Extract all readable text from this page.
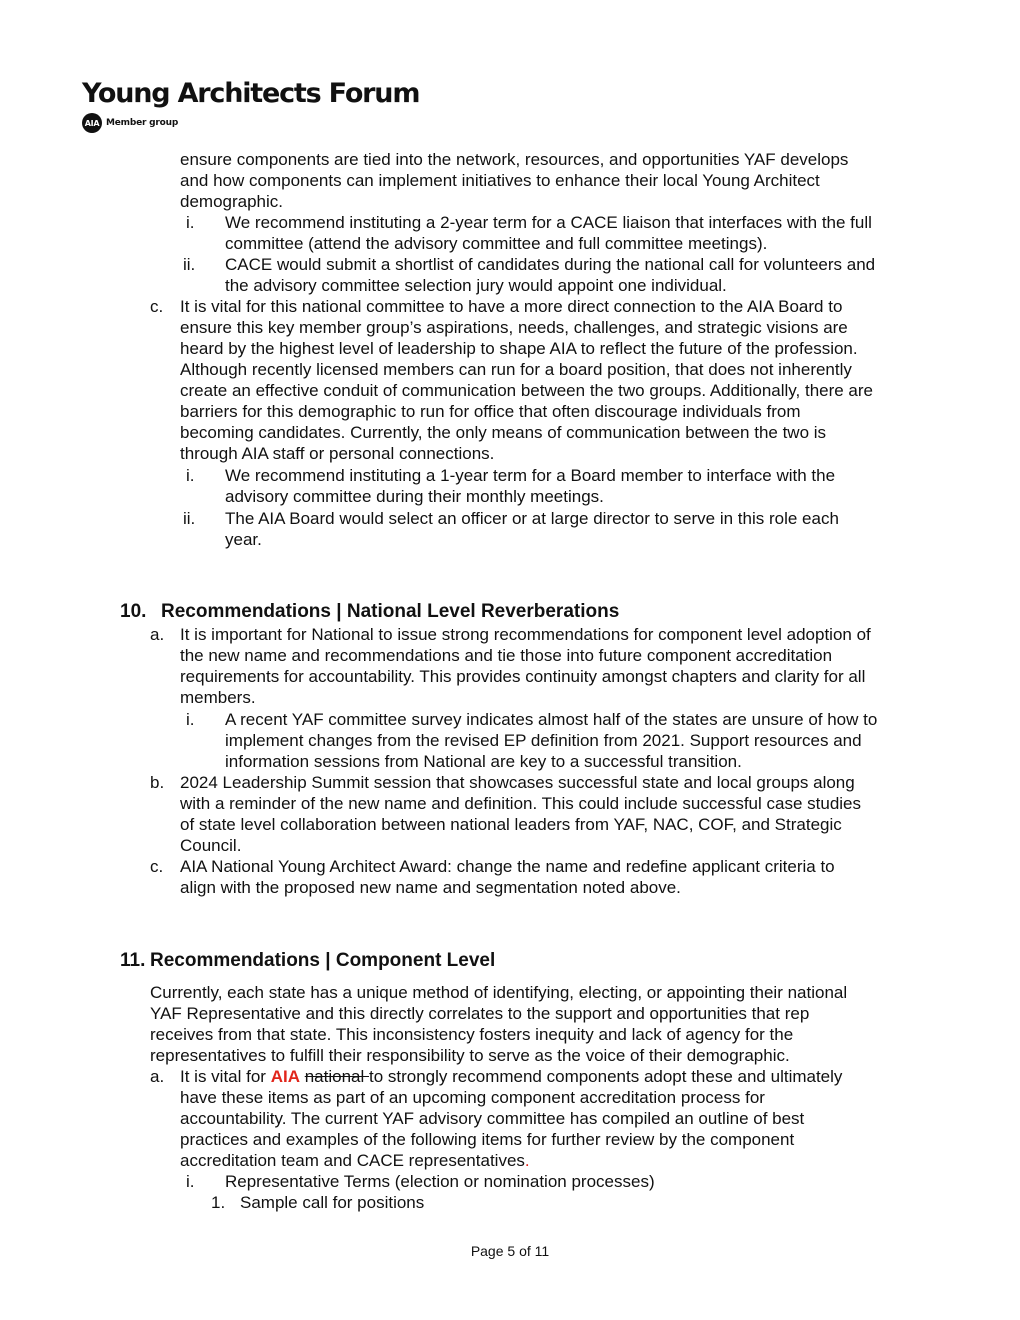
Young Architects Forum
AIA Member group
ensure components are tied into the network, resources, and opportunities YAF develops
and how components can implement initiatives to enhance their local Young Architect
demographic.
i. We recommend instituting a 2-year term for a CACE liaison that interfaces with the full
committee (attend the advisory committee and full committee meetings).
ii. CACE would submit a shortlist of candidates during the national call for volunteers and
the advisory committee selection jury would appoint one individual.
c. It is vital for this national committee to have a more direct connection to the AIA Board to
ensure this key member group’s aspirations, needs, challenges, and strategic visions are
heard by the highest level of leadership to shape AIA to reflect the future of the profession.
Although recently licensed members can run for a board position, that does not inherently
create an effective conduit of communication between the two groups. Additionally, there are
barriers for this demographic to run for office that often discourage individuals from
becoming candidates. Currently, the only means of communication between the two is
through AIA staff or personal connections.
i. We recommend instituting a 1-year term for a Board member to interface with the
advisory committee during their monthly meetings.
ii. The AIA Board would select an officer or at large director to serve in this role each
year.
10. Recommendations | National Level Reverberations
a. It is important for National to issue strong recommendations for component level adoption of
the new name and recommendations and tie those into future component accreditation
requirements for accountability. This provides continuity amongst chapters and clarity for all
members.
i. A recent YAF committee survey indicates almost half of the states are unsure of how to
implement changes from the revised EP definition from 2021. Support resources and
information sessions from National are key to a successful transition.
b. 2024 Leadership Summit session that showcases successful state and local groups along
with a reminder of the new name and definition. This could include successful case studies
of state level collaboration between national leaders from YAF, NAC, COF, and Strategic
Council.
c. AIA National Young Architect Award: change the name and redefine applicant criteria to
align with the proposed new name and segmentation noted above.
11. Recommendations | Component Level
Currently, each state has a unique method of identifying, electing, or appointing their national
YAF Representative and this directly correlates to the support and opportunities that rep
receives from that state. This inconsistency fosters inequity and lack of agency for the
representatives to fulfill their responsibility to serve as the voice of their demographic.
a. It is vital for AIA national to strongly recommend components adopt these and ultimately
have these items as part of an upcoming component accreditation process for
accountability. The current YAF advisory committee has compiled an outline of best
practices and examples of the following items for further review by the component
accreditation team and CACE representatives.
i. Representative Terms (election or nomination processes)
1. Sample call for positions
Page 5 of 11
